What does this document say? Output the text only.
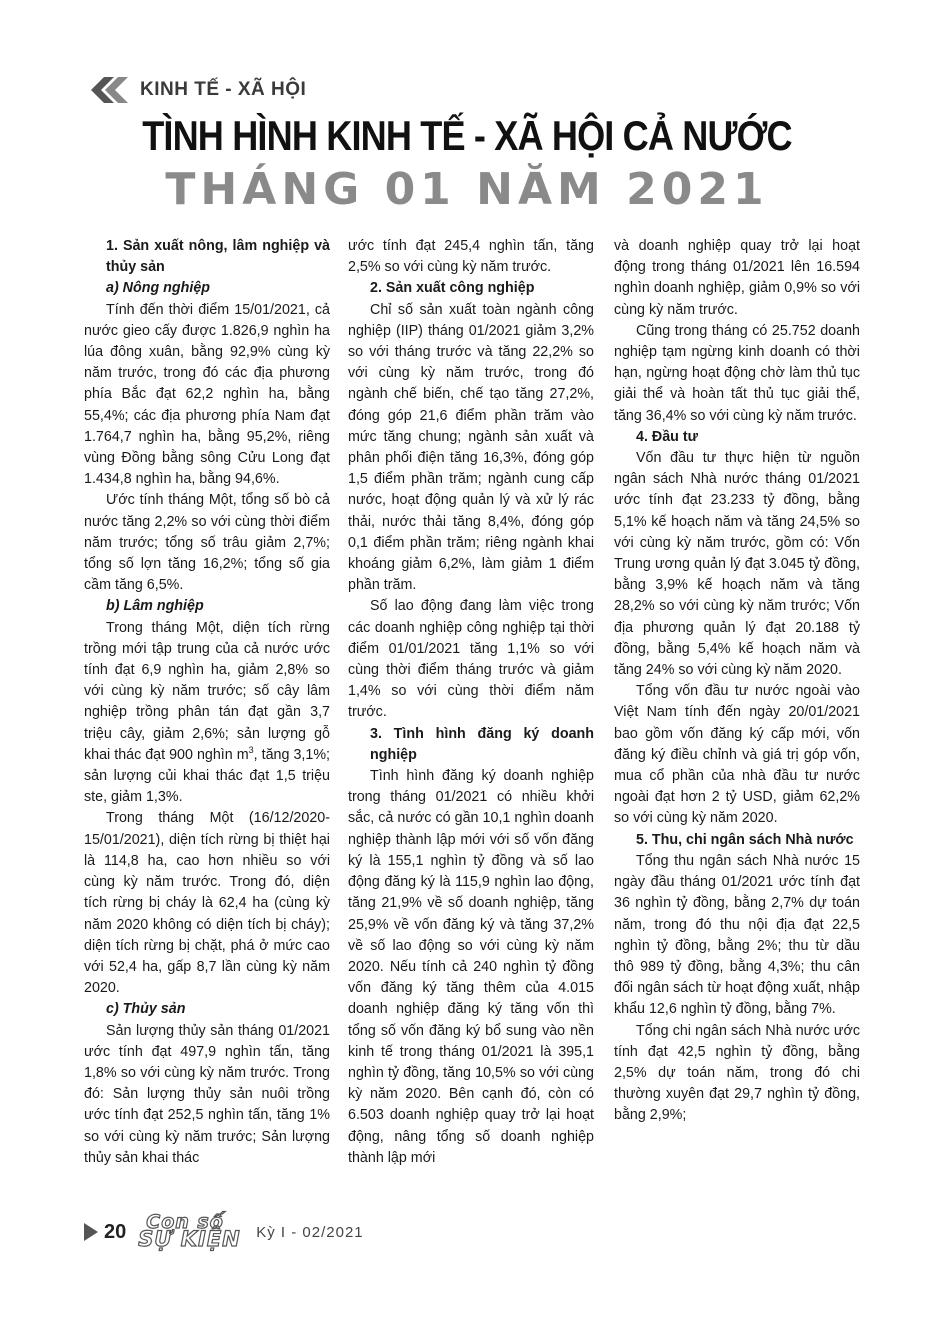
KINH TẾ - XÃ HỘI
TÌNH HÌNH KINH TẾ - XÃ HỘI CẢ NƯỚC
THÁNG 01 NĂM 2021
1. Sản xuất nông, lâm nghiệp và thủy sản
a) Nông nghiệp

Tính đến thời điểm 15/01/2021, cả nước gieo cấy được 1.826,9 nghìn ha lúa đông xuân, bằng 92,9% cùng kỳ năm trước, trong đó các địa phương phía Bắc đạt 62,2 nghìn ha, bằng 55,4%; các địa phương phía Nam đạt 1.764,7 nghìn ha, bằng 95,2%, riêng vùng Đồng bằng sông Cửu Long đạt 1.434,8 nghìn ha, bằng 94,6%.

Ước tính tháng Một, tổng số bò cả nước tăng 2,2% so với cùng thời điểm năm trước; tổng số trâu giảm 2,7%; tổng số lợn tăng 16,2%; tổng số gia cầm tăng 6,5%.

b) Lâm nghiệp

Trong tháng Một, diện tích rừng trồng mới tập trung của cả nước ước tính đạt 6,9 nghìn ha, giảm 2,8% so với cùng kỳ năm trước; số cây lâm nghiệp trồng phân tán đạt gần 3,7 triệu cây, giảm 2,6%; sản lượng gỗ khai thác đạt 900 nghìn $m^3$, tăng 3,1%; sản lượng củi khai thác đạt 1,5 triệu ste, giảm 1,3%.

Trong tháng Một (16/12/2020-15/01/2021), diện tích rừng bị thiệt hại là 114,8 ha, cao hơn nhiều so với cùng kỳ năm trước. Trong đó, diện tích rừng bị cháy là 62,4 ha (cùng kỳ năm 2020 không có diện tích bị cháy); diện tích rừng bị chặt, phá ở mức cao với 52,4 ha, gấp 8,7 lần cùng kỳ năm 2020.

c) Thủy sản

Sản lượng thủy sản tháng 01/2021 ước tính đạt 497,9 nghìn tấn, tăng 1,8% so với cùng kỳ năm trước. Trong đó: Sản lượng thủy sản nuôi trồng ước tính đạt 252,5 nghìn tấn, tăng 1% so với cùng kỳ năm trước; Sản lượng thủy sản khai thác

ước tính đạt 245,4 nghìn tấn, tăng 2,5% so với cùng kỳ năm trước.

2. Sản xuất công nghiệp

Chỉ số sản xuất toàn ngành công nghiệp (IIP) tháng 01/2021 giảm 3,2% so với tháng trước và tăng 22,2% so với cùng kỳ năm trước, trong đó ngành chế biến, chế tạo tăng 27,2%, đóng góp 21,6 điểm phần trăm vào mức tăng chung; ngành sản xuất và phân phối điện tăng 16,3%, đóng góp 1,5 điểm phần trăm; ngành cung cấp nước, hoạt động quản lý và xử lý rác thải, nước thải tăng 8,4%, đóng góp 0,1 điểm phần trăm; riêng ngành khai khoáng giảm 6,2%, làm giảm 1 điểm phần trăm.

Số lao động đang làm việc trong các doanh nghiệp công nghiệp tại thời điểm 01/01/2021 tăng 1,1% so với cùng thời điểm tháng trước và giảm 1,4% so với cùng thời điểm năm trước.

3. Tình hình đăng ký doanh nghiệp

Tình hình đăng ký doanh nghiệp trong tháng 01/2021 có nhiều khởi sắc, cả nước có gần 10,1 nghìn doanh nghiệp thành lập mới với số vốn đăng ký là 155,1 nghìn tỷ đồng và số lao động đăng ký là 115,9 nghìn lao động, tăng 21,9% về số doanh nghiệp, tăng 25,9% về vốn đăng ký và tăng 37,2% về số lao động so với cùng kỳ năm 2020. Nếu tính cả 240 nghìn tỷ đồng vốn đăng ký tăng thêm của 4.015 doanh nghiệp đăng ký tăng vốn thì tổng số vốn đăng ký bổ sung vào nền kinh tế trong tháng 01/2021 là 395,1 nghìn tỷ đồng, tăng 10,5% so với cùng kỳ năm 2020. Bên cạnh đó, còn có 6.503 doanh nghiệp quay trở lại hoạt động, nâng tổng số doanh nghiệp thành lập mới

và doanh nghiệp quay trở lại hoạt động trong tháng 01/2021 lên 16.594 nghìn doanh nghiệp, giảm 0,9% so với cùng kỳ năm trước.

Cũng trong tháng có 25.752 doanh nghiệp tạm ngừng kinh doanh có thời hạn, ngừng hoạt động chờ làm thủ tục giải thể và hoàn tất thủ tục giải thể, tăng 36,4% so với cùng kỳ năm trước.

4. Đầu tư

Vốn đầu tư thực hiện từ nguồn ngân sách Nhà nước tháng 01/2021 ước tính đạt 23.233 tỷ đồng, bằng 5,1% kế hoạch năm và tăng 24,5% so với cùng kỳ năm trước, gồm có: Vốn Trung ương quản lý đạt 3.045 tỷ đồng, bằng 3,9% kế hoạch năm và tăng 28,2% so với cùng kỳ năm trước; Vốn địa phương quản lý đạt 20.188 tỷ đồng, bằng 5,4% kế hoạch năm và tăng 24% so với cùng kỳ năm 2020.

Tổng vốn đầu tư nước ngoài vào Việt Nam tính đến ngày 20/01/2021 bao gồm vốn đăng ký cấp mới, vốn đăng ký điều chỉnh và giá trị góp vốn, mua cổ phần của nhà đầu tư nước ngoài đạt hơn 2 tỷ USD, giảm 62,2% so với cùng kỳ năm 2020.

5. Thu, chi ngân sách Nhà nước

Tổng thu ngân sách Nhà nước 15 ngày đầu tháng 01/2021 ước tính đạt 36 nghìn tỷ đồng, bằng 2,7% dự toán năm, trong đó thu nội địa đạt 22,5 nghìn tỷ đồng, bằng 2%; thu từ dầu thô 989 tỷ đồng, bằng 4,3%; thu cân đối ngân sách từ hoạt động xuất, nhập khẩu 12,6 nghìn tỷ đồng, bằng 7%.

Tổng chi ngân sách Nhà nước ước tính đạt 42,5 nghìn tỷ đồng, bằng 2,5% dự toán năm, trong đó chi thường xuyên đạt 29,7 nghìn tỷ đồng, bằng 2,9%;

20 Con số
SỰ KIỆN Kỳ I - 02/2021
